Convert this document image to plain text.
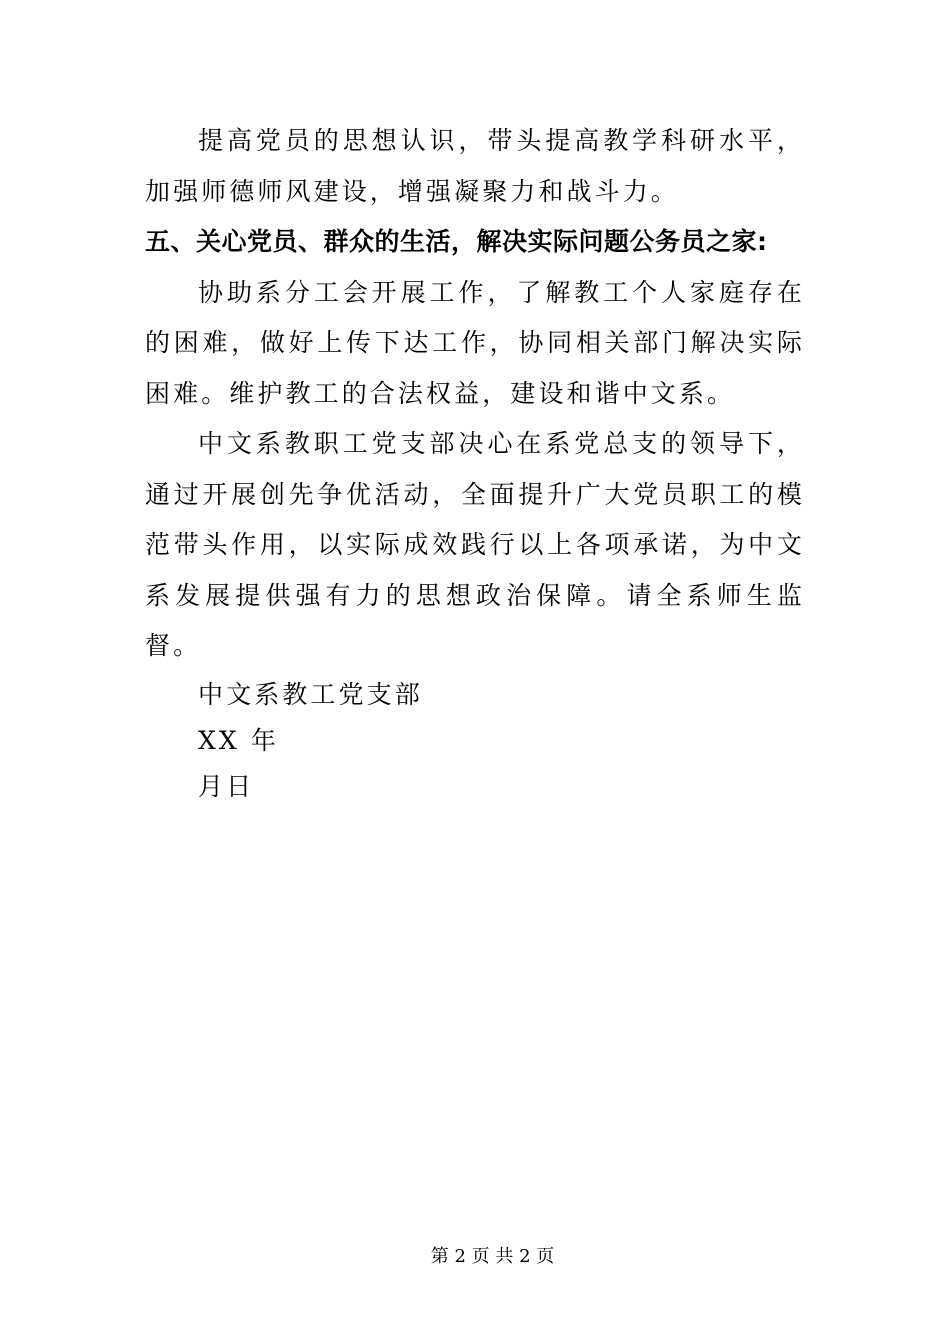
提高党员的思想认识，带头提高教学科研水平，加强师德师风建设，增强凝聚力和战斗力。

五、关心党员、群众的生活，解决实际问题公务员之家:

协助系分工会开展工作，了解教工个人家庭存在的困难，做好上传下达工作，协同相关部门解决实际困难。维护教工的合法权益，建设和谐中文系。

中文系教职工党支部决心在系党总支的领导下，通过开展创先争优活动，全面提升广大党员职工的模范带头作用，以实际成效践行以上各项承诺，为中文系发展提供强有力的思想政治保障。请全系师生监督。

中文系教工党支部

XX 年

月日

第 2 页 共 2 页
